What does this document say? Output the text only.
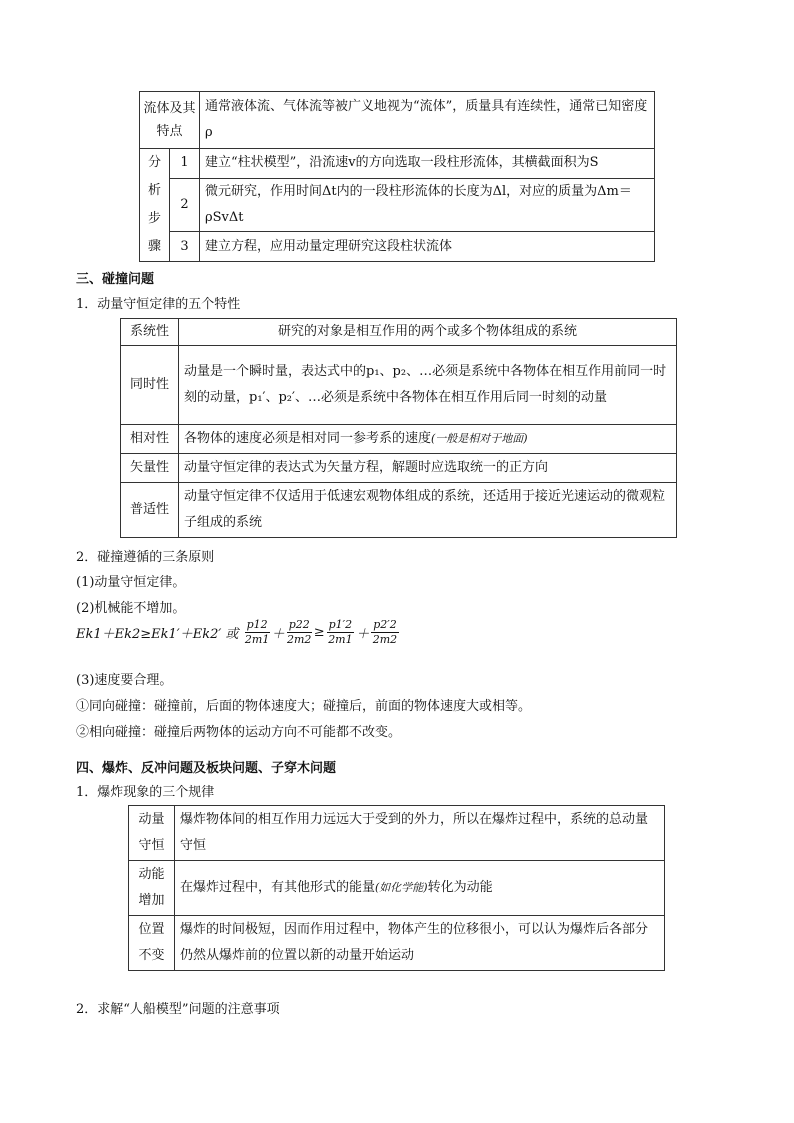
流体及其特点		通常液体流、气体流等被广义地视为“流体”，质量具有连续性，通常已知密度ρ
分析步骤	1	建立“柱状模型”，沿流速v的方向选取一段柱形流体，其横截面积为S
	2	微元研究，作用时间Δt内的一段柱形流体的长度为Δl，对应的质量为Δm＝ρSvΔt
	3	建立方程，应用动量定理研究这段柱状流体
三、碰撞问题
1．动量守恒定律的五个特性
系统性	研究的对象是相互作用的两个或多个物体组成的系统
同时性	动量是一个瞬时量，表达式中的p₁、p₂、…必须是系统中各物体在相互作用前同一时刻的动量，p₁′、p₂′、…必须是系统中各物体在相互作用后同一时刻的动量
相对性	各物体的速度必须是相对同一参考系的速度(一般是相对于地面)
矢量性	动量守恒定律的表达式为矢量方程，解题时应选取统一的正方向
普适性	动量守恒定律不仅适用于低速宏观物体组成的系统，还适用于接近光速运动的微观粒子组成的系统
2．碰撞遵循的三条原则
(1)动量守恒定律。
(2)机械能不增加。
Ek1＋Ek2≥Ek1′＋Ek2′ 或 $\frac{p12}{2m1} + \frac{p22}{2m2} \ge \frac{p1'2}{2m1} + \frac{p2'2}{2m2}$
(3)速度要合理。
①同向碰撞：碰撞前，后面的物体速度大；碰撞后，前面的物体速度大或相等。
②相向碰撞：碰撞后两物体的运动方向不可能都不改变。
四、爆炸、反冲问题及板块问题、子穿木问题
1．爆炸现象的三个规律
动量守恒	爆炸物体间的相互作用力远远大于受到的外力，所以在爆炸过程中，系统的总动量守恒
动能增加	在爆炸过程中，有其他形式的能量(如化学能)转化为动能
位置不变	爆炸的时间极短，因而作用过程中，物体产生的位移很小，可以认为爆炸后各部分仍然从爆炸前的位置以新的动量开始运动
2．求解“人船模型”问题的注意事项
